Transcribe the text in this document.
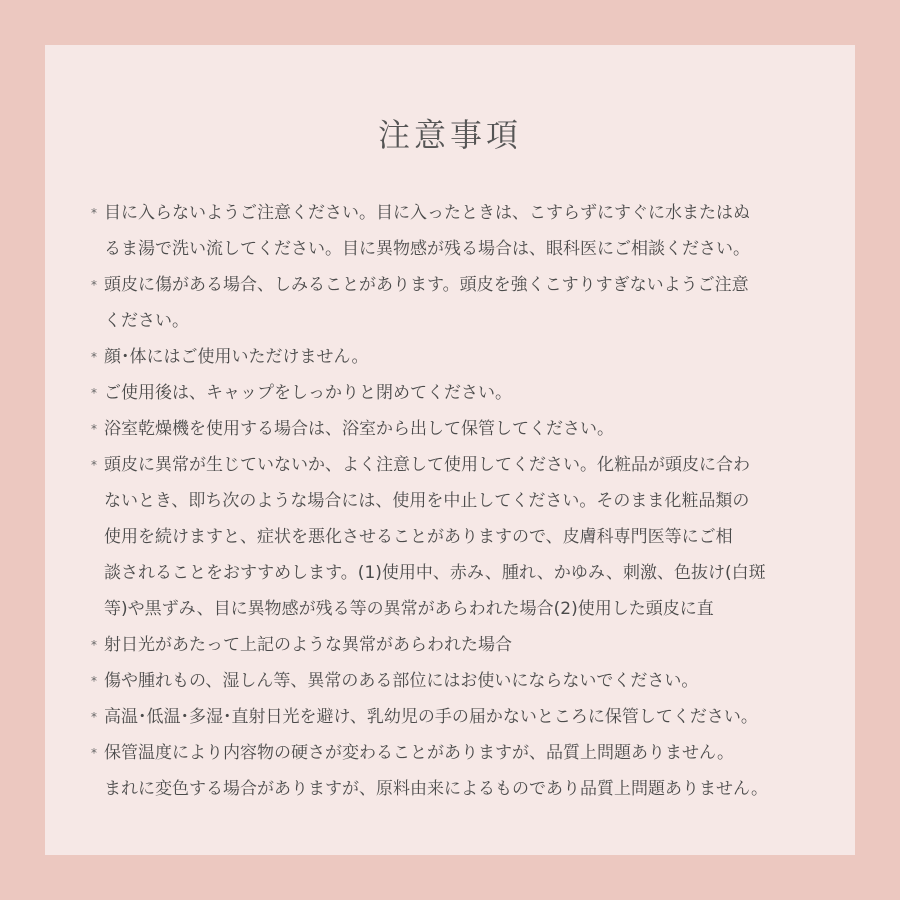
注意事項
* 目に入らないようご注意ください。目に入ったときは、こすらずにすぐに水またはぬ
るま湯で洗い流してください。目に異物感が残る場合は、眼科医にご相談ください。
* 頭皮に傷がある場合、しみることがあります。頭皮を強くこすりすぎないようご注意
ください。
* 顔･体にはご使用いただけません。
* ご使用後は、キャップをしっかりと閉めてください。
* 浴室乾燥機を使用する場合は、浴室から出して保管してください。
* 頭皮に異常が生じていないか、よく注意して使用してください。化粧品が頭皮に合わ
ないとき、即ち次のような場合には、使用を中止してください。そのまま化粧品類の
使用を続けますと、症状を悪化させることがありますので、皮膚科専門医等にご相
談されることをおすすめします。(1)使用中、赤み、腫れ、かゆみ、刺激、色抜け(白斑
等)や黒ずみ、目に異物感が残る等の異常があらわれた場合(2)使用した頭皮に直
* 射日光があたって上記のような異常があらわれた場合
* 傷や腫れもの、湿しん等、異常のある部位にはお使いにならないでください。
* 高温･低温･多湿･直射日光を避け、乳幼児の手の届かないところに保管してください。
* 保管温度により内容物の硬さが変わることがありますが、品質上問題ありません。
まれに変色する場合がありますが、原料由来によるものであり品質上問題ありません。
